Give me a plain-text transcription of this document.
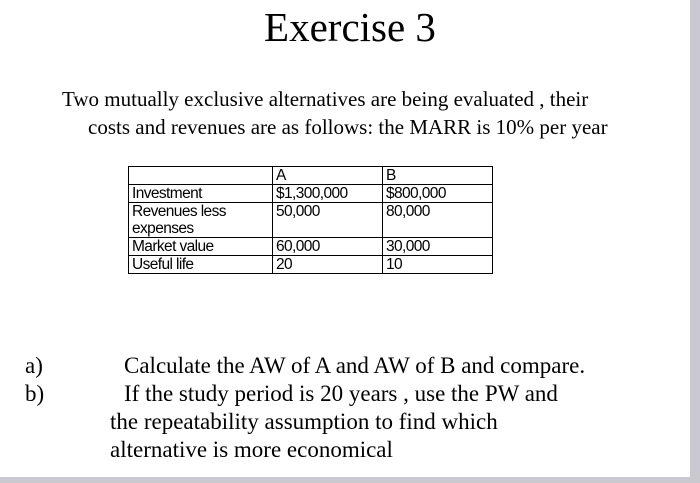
Exercise 3
Two mutually exclusive alternatives are being evaluated , their
costs and revenues are as follows: the MARR is 10% per year
	A	B
Investment	$1,300,000	$800,000
Revenues less
expenses	50,000	80,000
Market value	60,000	30,000
Useful life	20	10
a)	Calculate the AW of A and AW of B and compare.
b)	If the study period is 20 years , use the PW and
the repeatability assumption to find which
alternative is more economical
